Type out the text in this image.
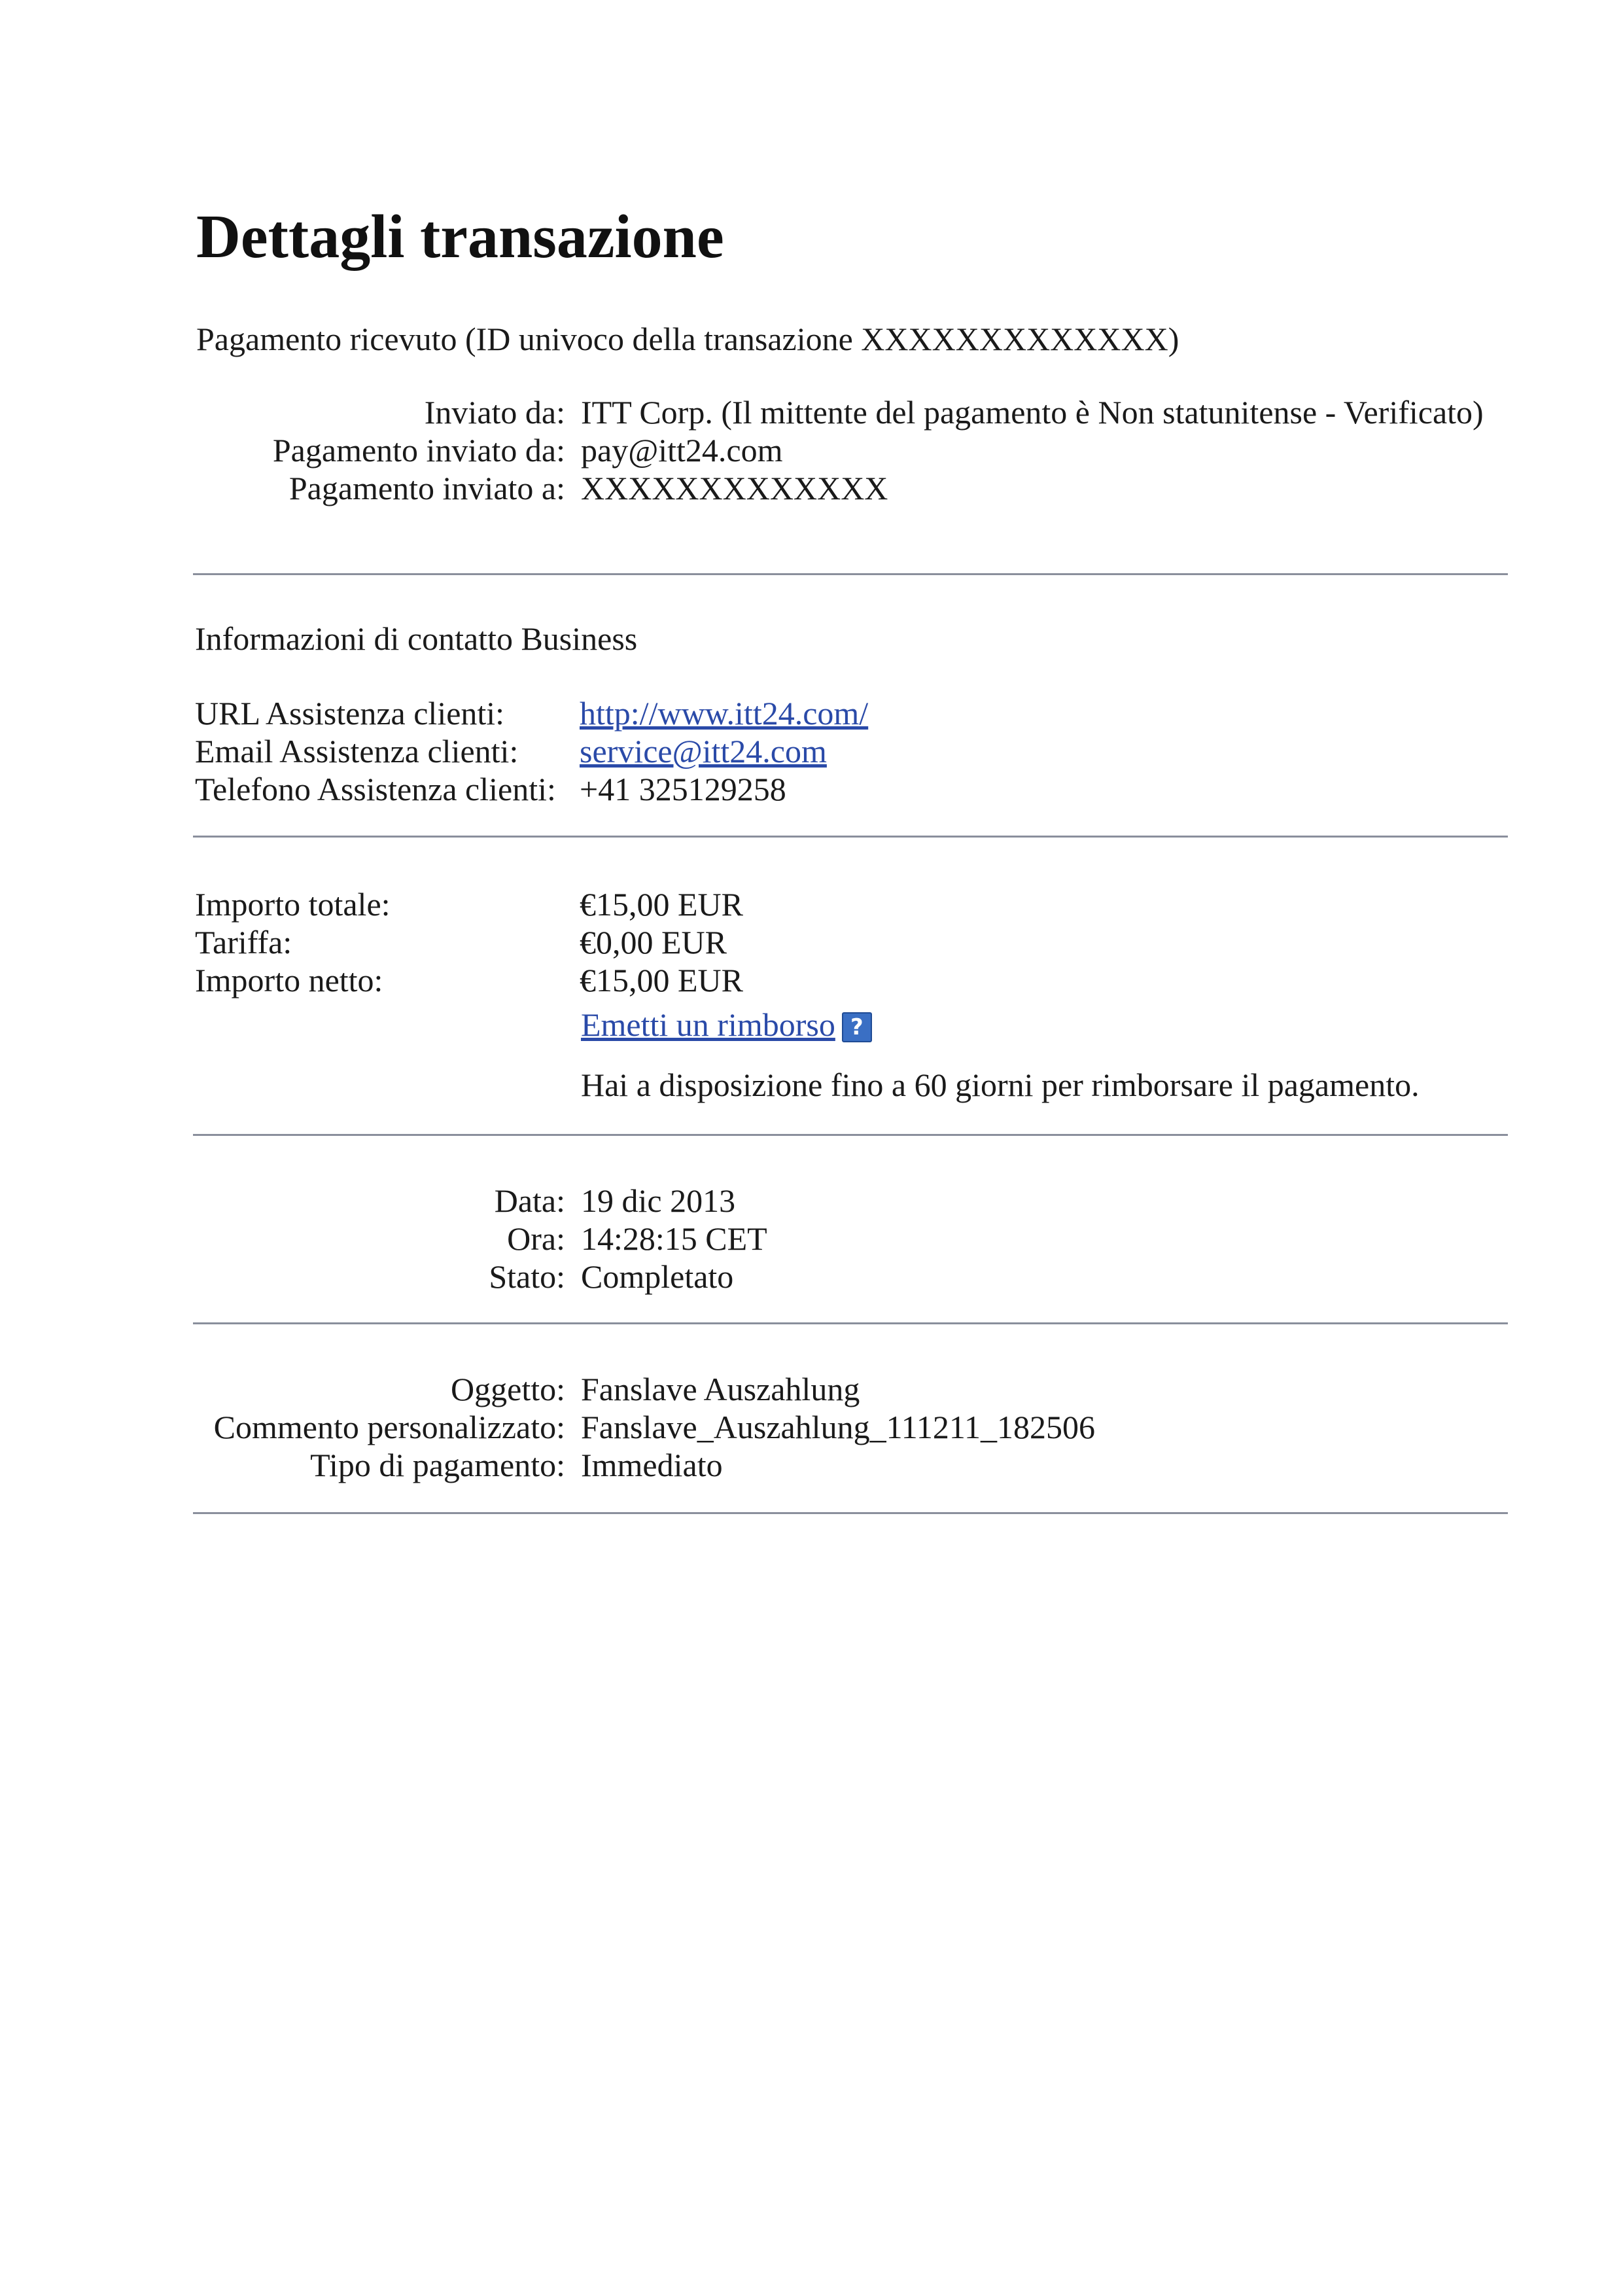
Dettagli transazione

Pagamento ricevuto (ID univoco della transazione XXXXXXXXXXXXX)

Inviato da: ITT Corp. (Il mittente del pagamento è Non statunitense - Verificato)
Pagamento inviato da: pay@itt24.com
Pagamento inviato a: XXXXXXXXXXXXX

Informazioni di contatto Business

URL Assistenza clienti: http://www.itt24.com/
Email Assistenza clienti: service@itt24.com
Telefono Assistenza clienti: +41 325129258
Importo totale:	€15,00 EUR
Tariffa:	€0,00 EUR
Importo netto:	€15,00 EUR
Emetti un rimborso ?
Hai a disposizione fino a 60 giorni per rimborsare il pagamento.
Data: 19 dic 2013
Ora: 14:28:15 CET
Stato: Completato
Oggetto: Fanslave Auszahlung
Commento personalizzato: Fanslave_Auszahlung_111211_182506
Tipo di pagamento: Immediato
